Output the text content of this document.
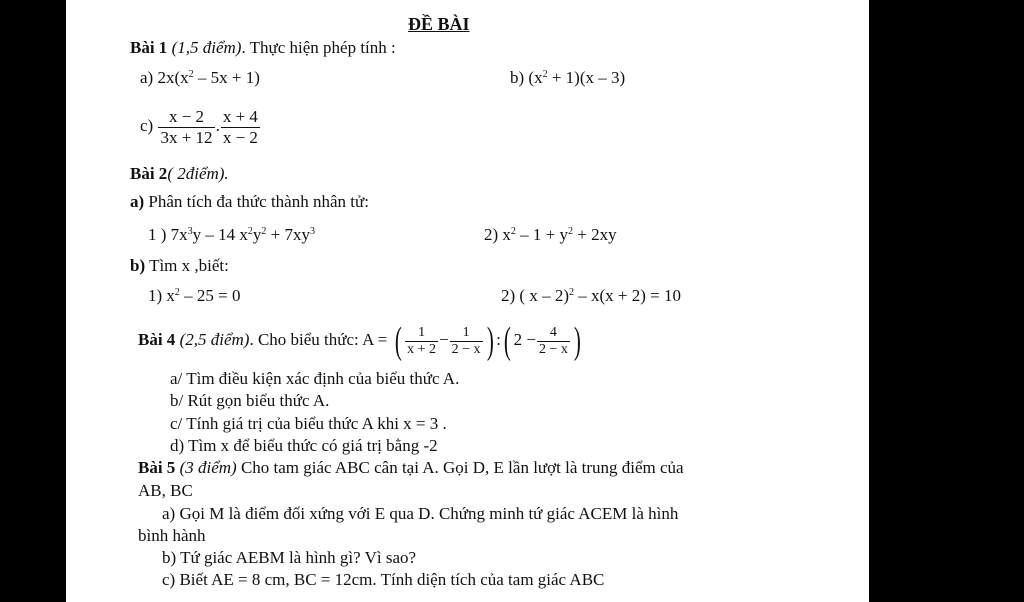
ĐỀ BÀI
Bài 1 (1,5 điểm). Thực hiện phép tính :
a) $2x(x^2 - 5x + 1)$	b) $(x^2 + 1)(x - 3)$
$c) \frac{x - 2}{3x + 12}$ . $\frac{x + 4}{x - 2}$
Bài 2( 2điểm).
a) Phân tích đa thức thành nhân tử:
1 ) $7x^3y - 14$ $x^2y^2 + 7xy^3$	2) $x^2 - 1 + y^2 + 2xy$
b) Tìm x ,biết:
1) $x^2 - 25 = 0$	2) ( x – 2)$^2$ – x(x + 2) = 10
Bài 4 (2,5 điểm). Cho biểu thức: A = ( $\frac{1}{x + 2} - \frac{1}{2 - x}$ ) :( $2 - \frac{4}{2 - x}$ )
a/ Tìm điều kiện xác định của biểu thức A.
b/ Rút gọn biểu thức A.
c/ Tính giá trị của biểu thức A khi x = 3 .
d) Tìm x để biểu thức có giá trị bằng -2
Bài 5 (3 điểm) Cho tam giác ABC cân tại A. Gọi D, E lần lượt là trung điểm của
AB, BC
a) Gọi M là điểm đối xứng với E qua D. Chứng minh tứ giác ACEM là hình
bình hành
b) Tứ giác AEBM là hình gì? Vì sao?
c) Biết AE = 8 cm, BC = 12cm. Tính diện tích của tam giác ABC
